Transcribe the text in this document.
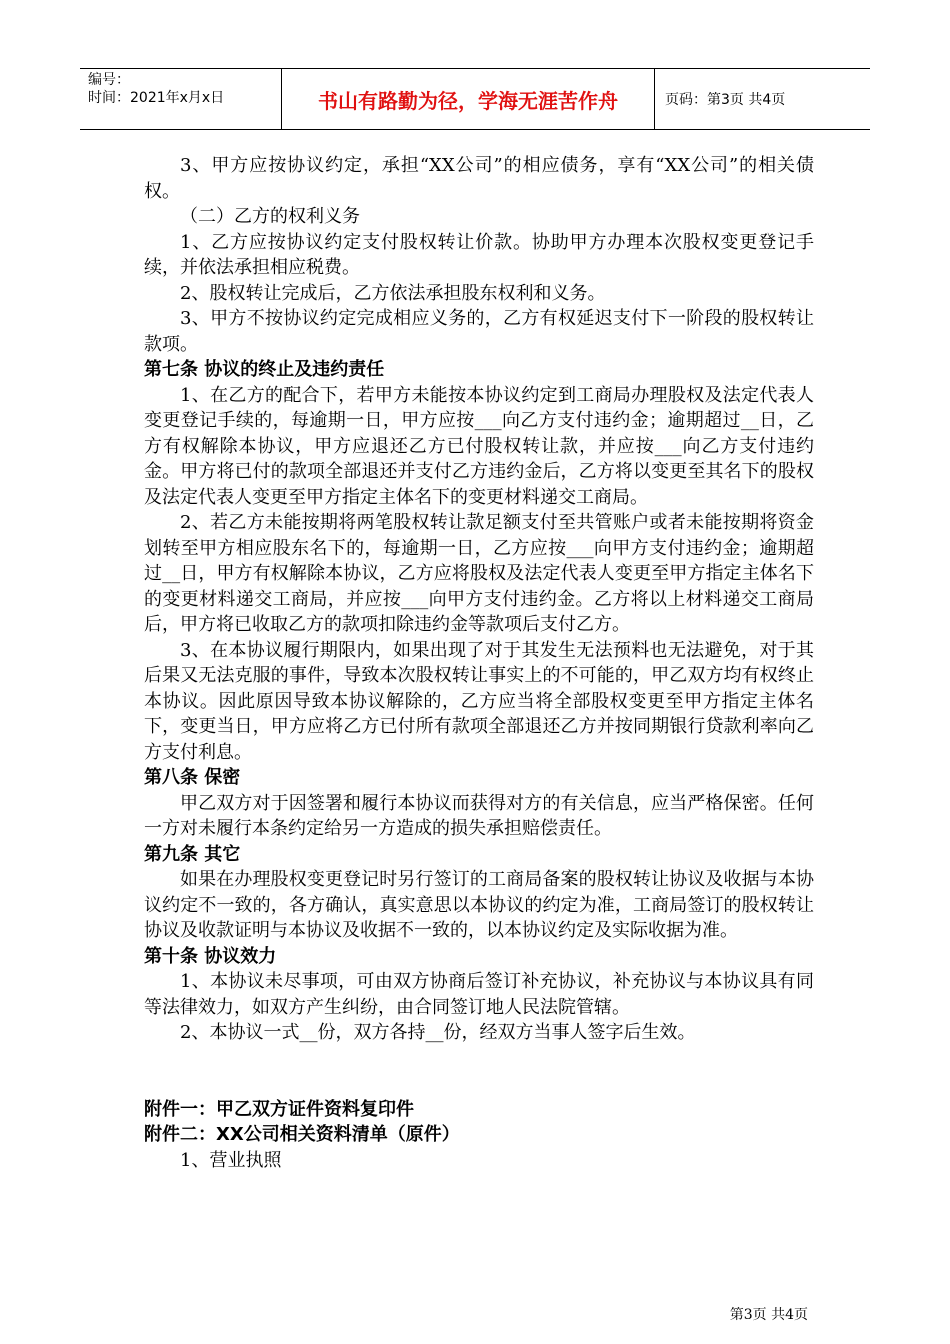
编号：
时间：2021年x月x日	书山有路勤为径，学海无涯苦作舟	页码：第3页 共4页

3、甲方应按协议约定，承担“XX公司”的相应债务，享有“XX公司”的相关债权。

（二）乙方的权利义务

1、乙方应按协议约定支付股权转让价款。协助甲方办理本次股权变更登记手续，并依法承担相应税费。

2、股权转让完成后，乙方依法承担股东权利和义务。

3、甲方不按协议约定完成相应义务的，乙方有权延迟支付下一阶段的股权转让款项。

第七条 协议的终止及违约责任

1、在乙方的配合下，若甲方未能按本协议约定到工商局办理股权及法定代表人变更登记手续的，每逾期一日，甲方应按___向乙方支付违约金；逾期超过__日，乙方有权解除本协议，甲方应退还乙方已付股权转让款，并应按___向乙方支付违约金。甲方将已付的款项全部退还并支付乙方违约金后，乙方将以变更至其名下的股权及法定代表人变更至甲方指定主体名下的变更材料递交工商局。

2、若乙方未能按期将两笔股权转让款足额支付至共管账户或者未能按期将资金划转至甲方相应股东名下的，每逾期一日，乙方应按___向甲方支付违约金；逾期超过__日，甲方有权解除本协议，乙方应将股权及法定代表人变更至甲方指定主体名下的变更材料递交工商局，并应按___向甲方支付违约金。乙方将以上材料递交工商局后，甲方将已收取乙方的款项扣除违约金等款项后支付乙方。

3、在本协议履行期限内，如果出现了对于其发生无法预料也无法避免，对于其后果又无法克服的事件，导致本次股权转让事实上的不可能的，甲乙双方均有权终止本协议。因此原因导致本协议解除的，乙方应当将全部股权变更至甲方指定主体名下，变更当日，甲方应将乙方已付所有款项全部退还乙方并按同期银行贷款利率向乙方支付利息。

第八条 保密

甲乙双方对于因签署和履行本协议而获得对方的有关信息，应当严格保密。任何一方对未履行本条约定给另一方造成的损失承担赔偿责任。

第九条 其它

如果在办理股权变更登记时另行签订的工商局备案的股权转让协议及收据与本协议约定不一致的，各方确认，真实意思以本协议的约定为准，工商局签订的股权转让协议及收款证明与本协议及收据不一致的，以本协议约定及实际收据为准。

第十条 协议效力

1、本协议未尽事项，可由双方协商后签订补充协议，补充协议与本协议具有同等法律效力，如双方产生纠纷，由合同签订地人民法院管辖。

2、本协议一式__份，双方各持__份，经双方当事人签字后生效。

附件一：甲乙双方证件资料复印件

附件二：XX公司相关资料清单（原件）

1、营业执照

第3页 共4页
